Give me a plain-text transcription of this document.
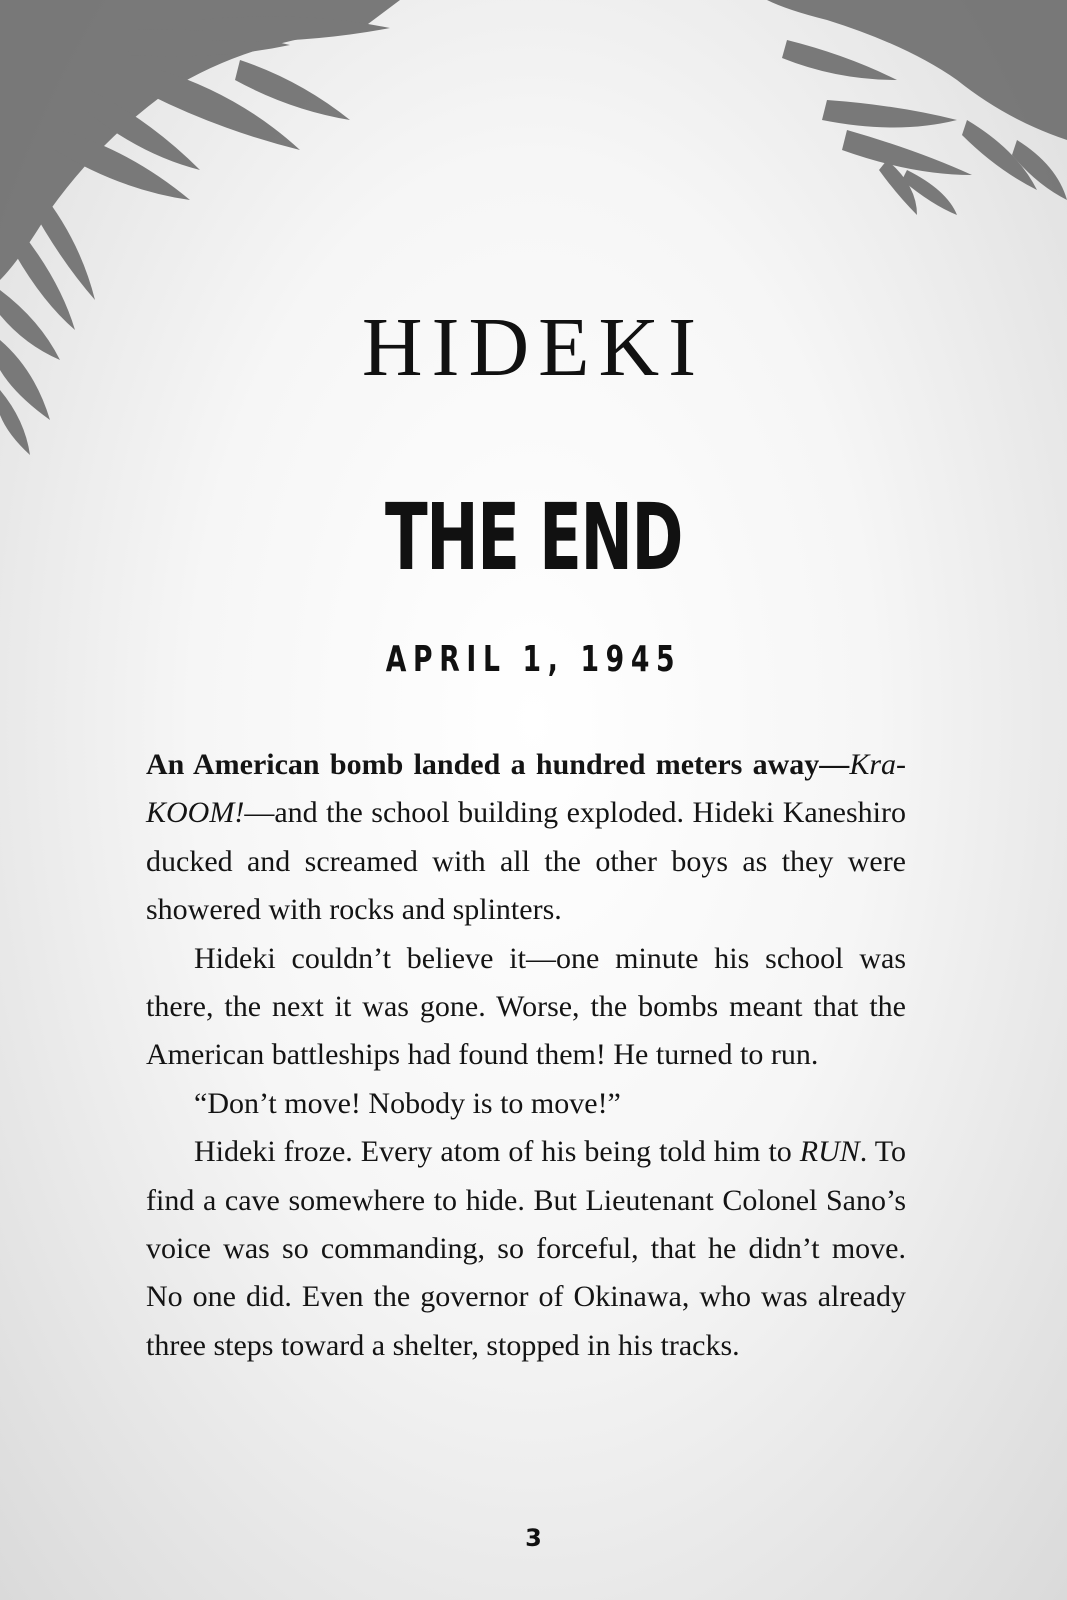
HIDEKI
THE END
APRIL 1, 1945

An American bomb landed a hundred meters away—Kra-KOOM!—and the school building exploded. Hideki Kaneshiro ducked and screamed with all the other boys as they were showered with rocks and splinters.

Hideki couldn’t believe it—one minute his school was there, the next it was gone. Worse, the bombs meant that the American battleships had found them! He turned to run.

“Don’t move! Nobody is to move!”

Hideki froze. Every atom of his being told him to RUN. To find a cave somewhere to hide. But Lieutenant Colonel Sano’s voice was so commanding, so forceful, that he didn’t move. No one did. Even the governor of Okinawa, who was already three steps toward a shelter, stopped in his tracks.

3
